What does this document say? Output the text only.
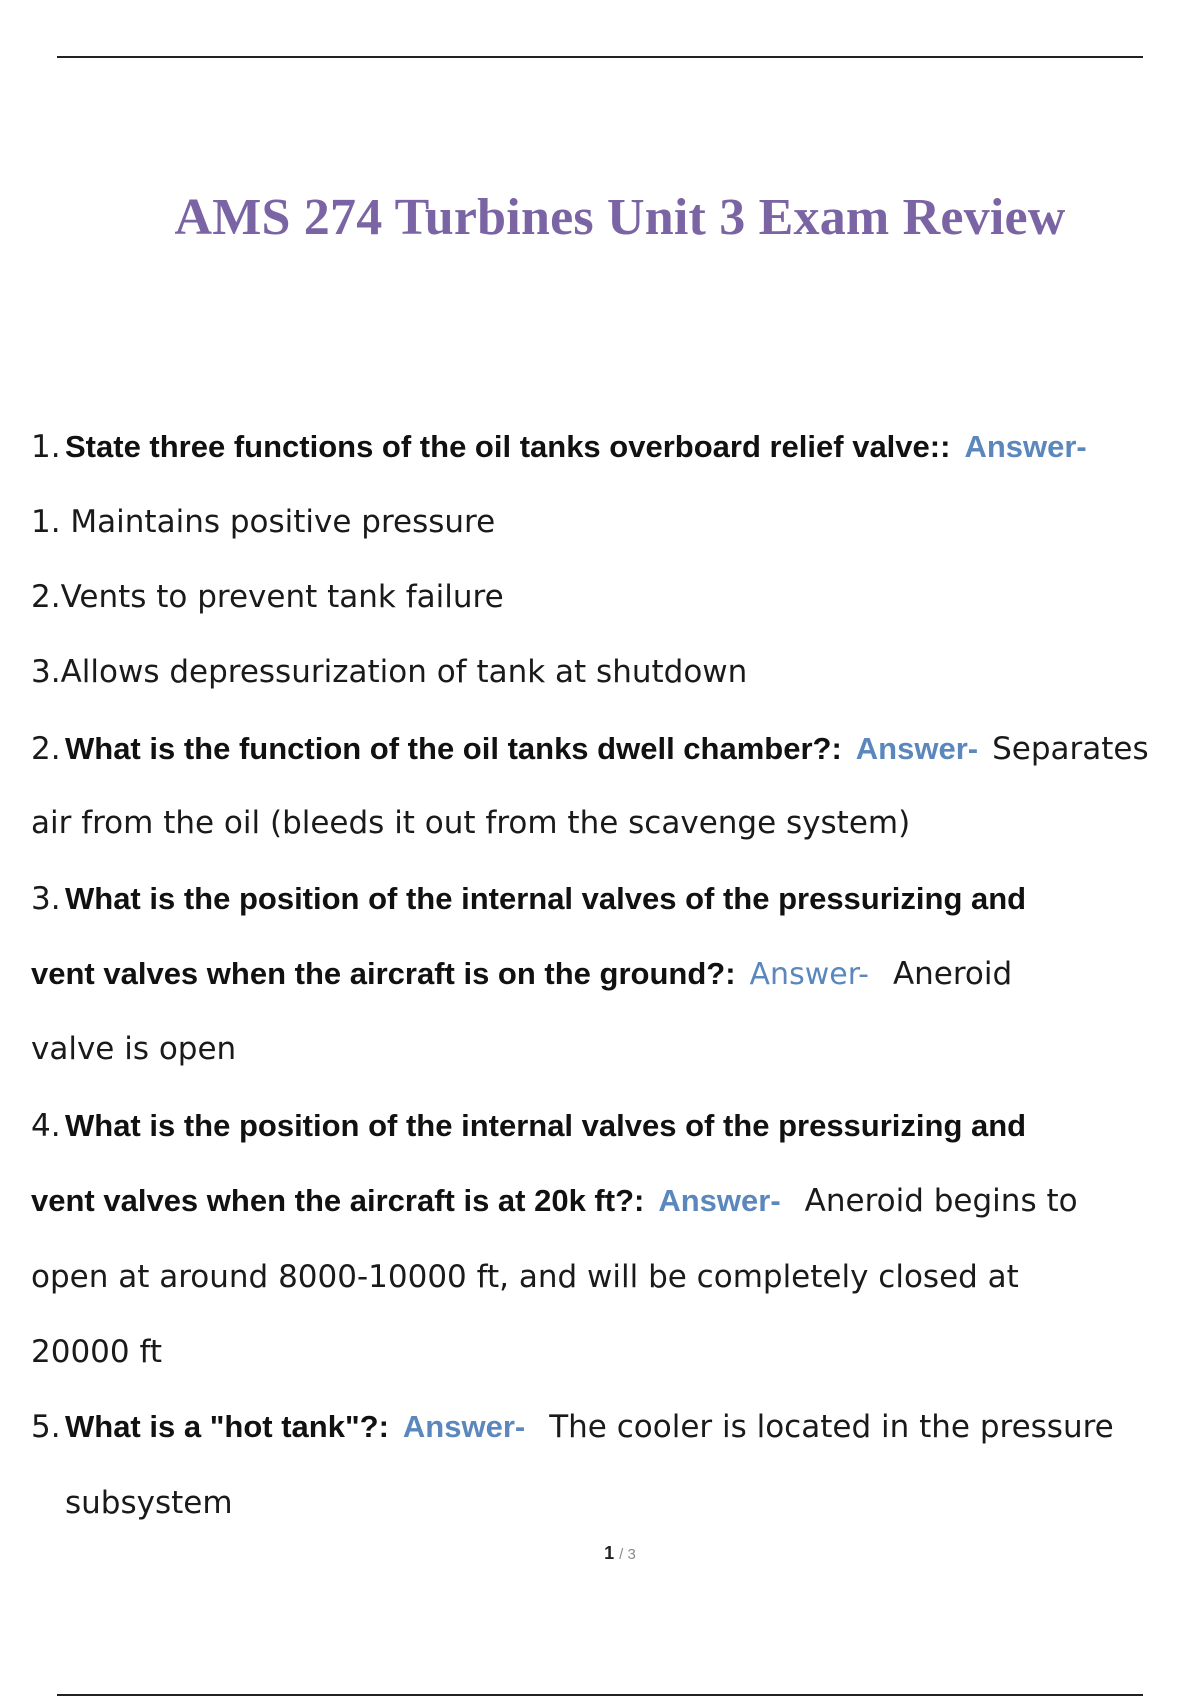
AMS 274 Turbines Unit 3 Exam Review
1. State three functions of the oil tanks overboard relief valve:: Answer-
1. Maintains positive pressure
2.Vents to prevent tank failure
3.Allows depressurization of tank at shutdown
2. What is the function of the oil tanks dwell chamber?: Answer- Separates
air from the oil (bleeds it out from the scavenge system)
3. What is the position of the internal valves of the pressurizing and
vent valves when the aircraft is on the ground?: Answer- Aneroid
valve is open
4. What is the position of the internal valves of the pressurizing and
vent valves when the aircraft is at 20k ft?: Answer- Aneroid begins to
open at around 8000-10000 ft, and will be completely closed at
20000 ft
5. What is a "hot tank"?: Answer- The cooler is located in the pressure
subsystem
1 / 3
